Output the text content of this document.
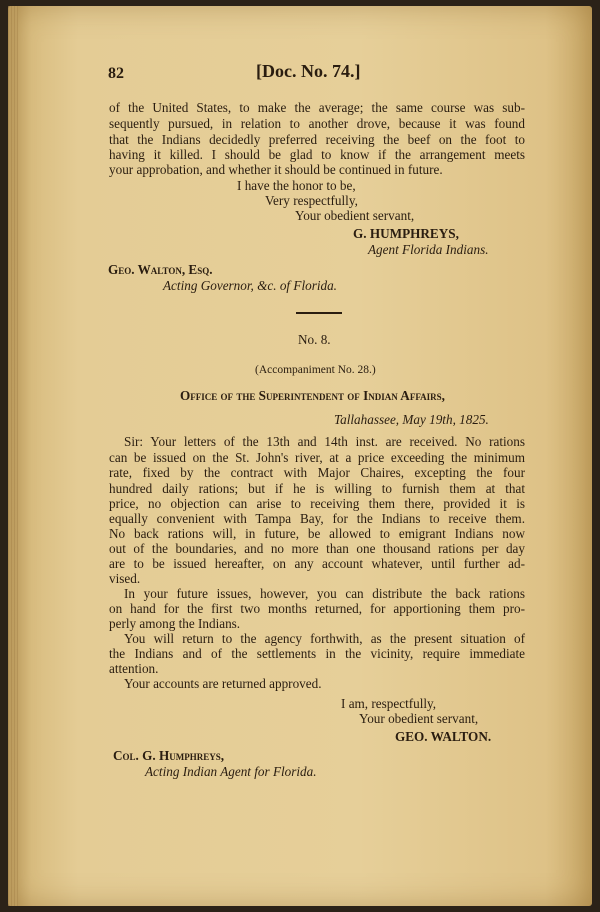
82	[Doc. No. 74.]
of the United States, to make the average; the same course was sub-
sequently pursued, in relation to another drove, because it was found
that the Indians decidedly preferred receiving the beef on the foot to
having it killed. I should be glad to know if the arrangement meets
your approbation, and whether it should be continued in future.
I have the honor to be,
Very respectfully,
Your obedient servant,
G. HUMPHREYS,
Agent Florida Indians.
Geo. Walton, Esq.
Acting Governor, &c. of Florida.
No. 8.
(Accompaniment No. 28.)
Office of the Superintendent of Indian Affairs,
Tallahassee, May 19th, 1825.
Sir: Your letters of the 13th and 14th inst. are received. No rations
can be issued on the St. John's river, at a price exceeding the minimum
rate, fixed by the contract with Major Chaires, excepting the four
hundred daily rations; but if he is willing to furnish them at that
price, no objection can arise to receiving them there, provided it is
equally convenient with Tampa Bay, for the Indians to receive them.
No back rations will, in future, be allowed to emigrant Indians now
out of the boundaries, and no more than one thousand rations per day
are to be issued hereafter, on any account whatever, until further ad-
vised.
In your future issues, however, you can distribute the back rations
on hand for the first two months returned, for apportioning them pro-
perly among the Indians.
You will return to the agency forthwith, as the present situation of
the Indians and of the settlements in the vicinity, require immediate
attention.
Your accounts are returned approved.
I am, respectfully,
Your obedient servant,
GEO. WALTON.
Col. G. Humphreys,
Acting Indian Agent for Florida.
